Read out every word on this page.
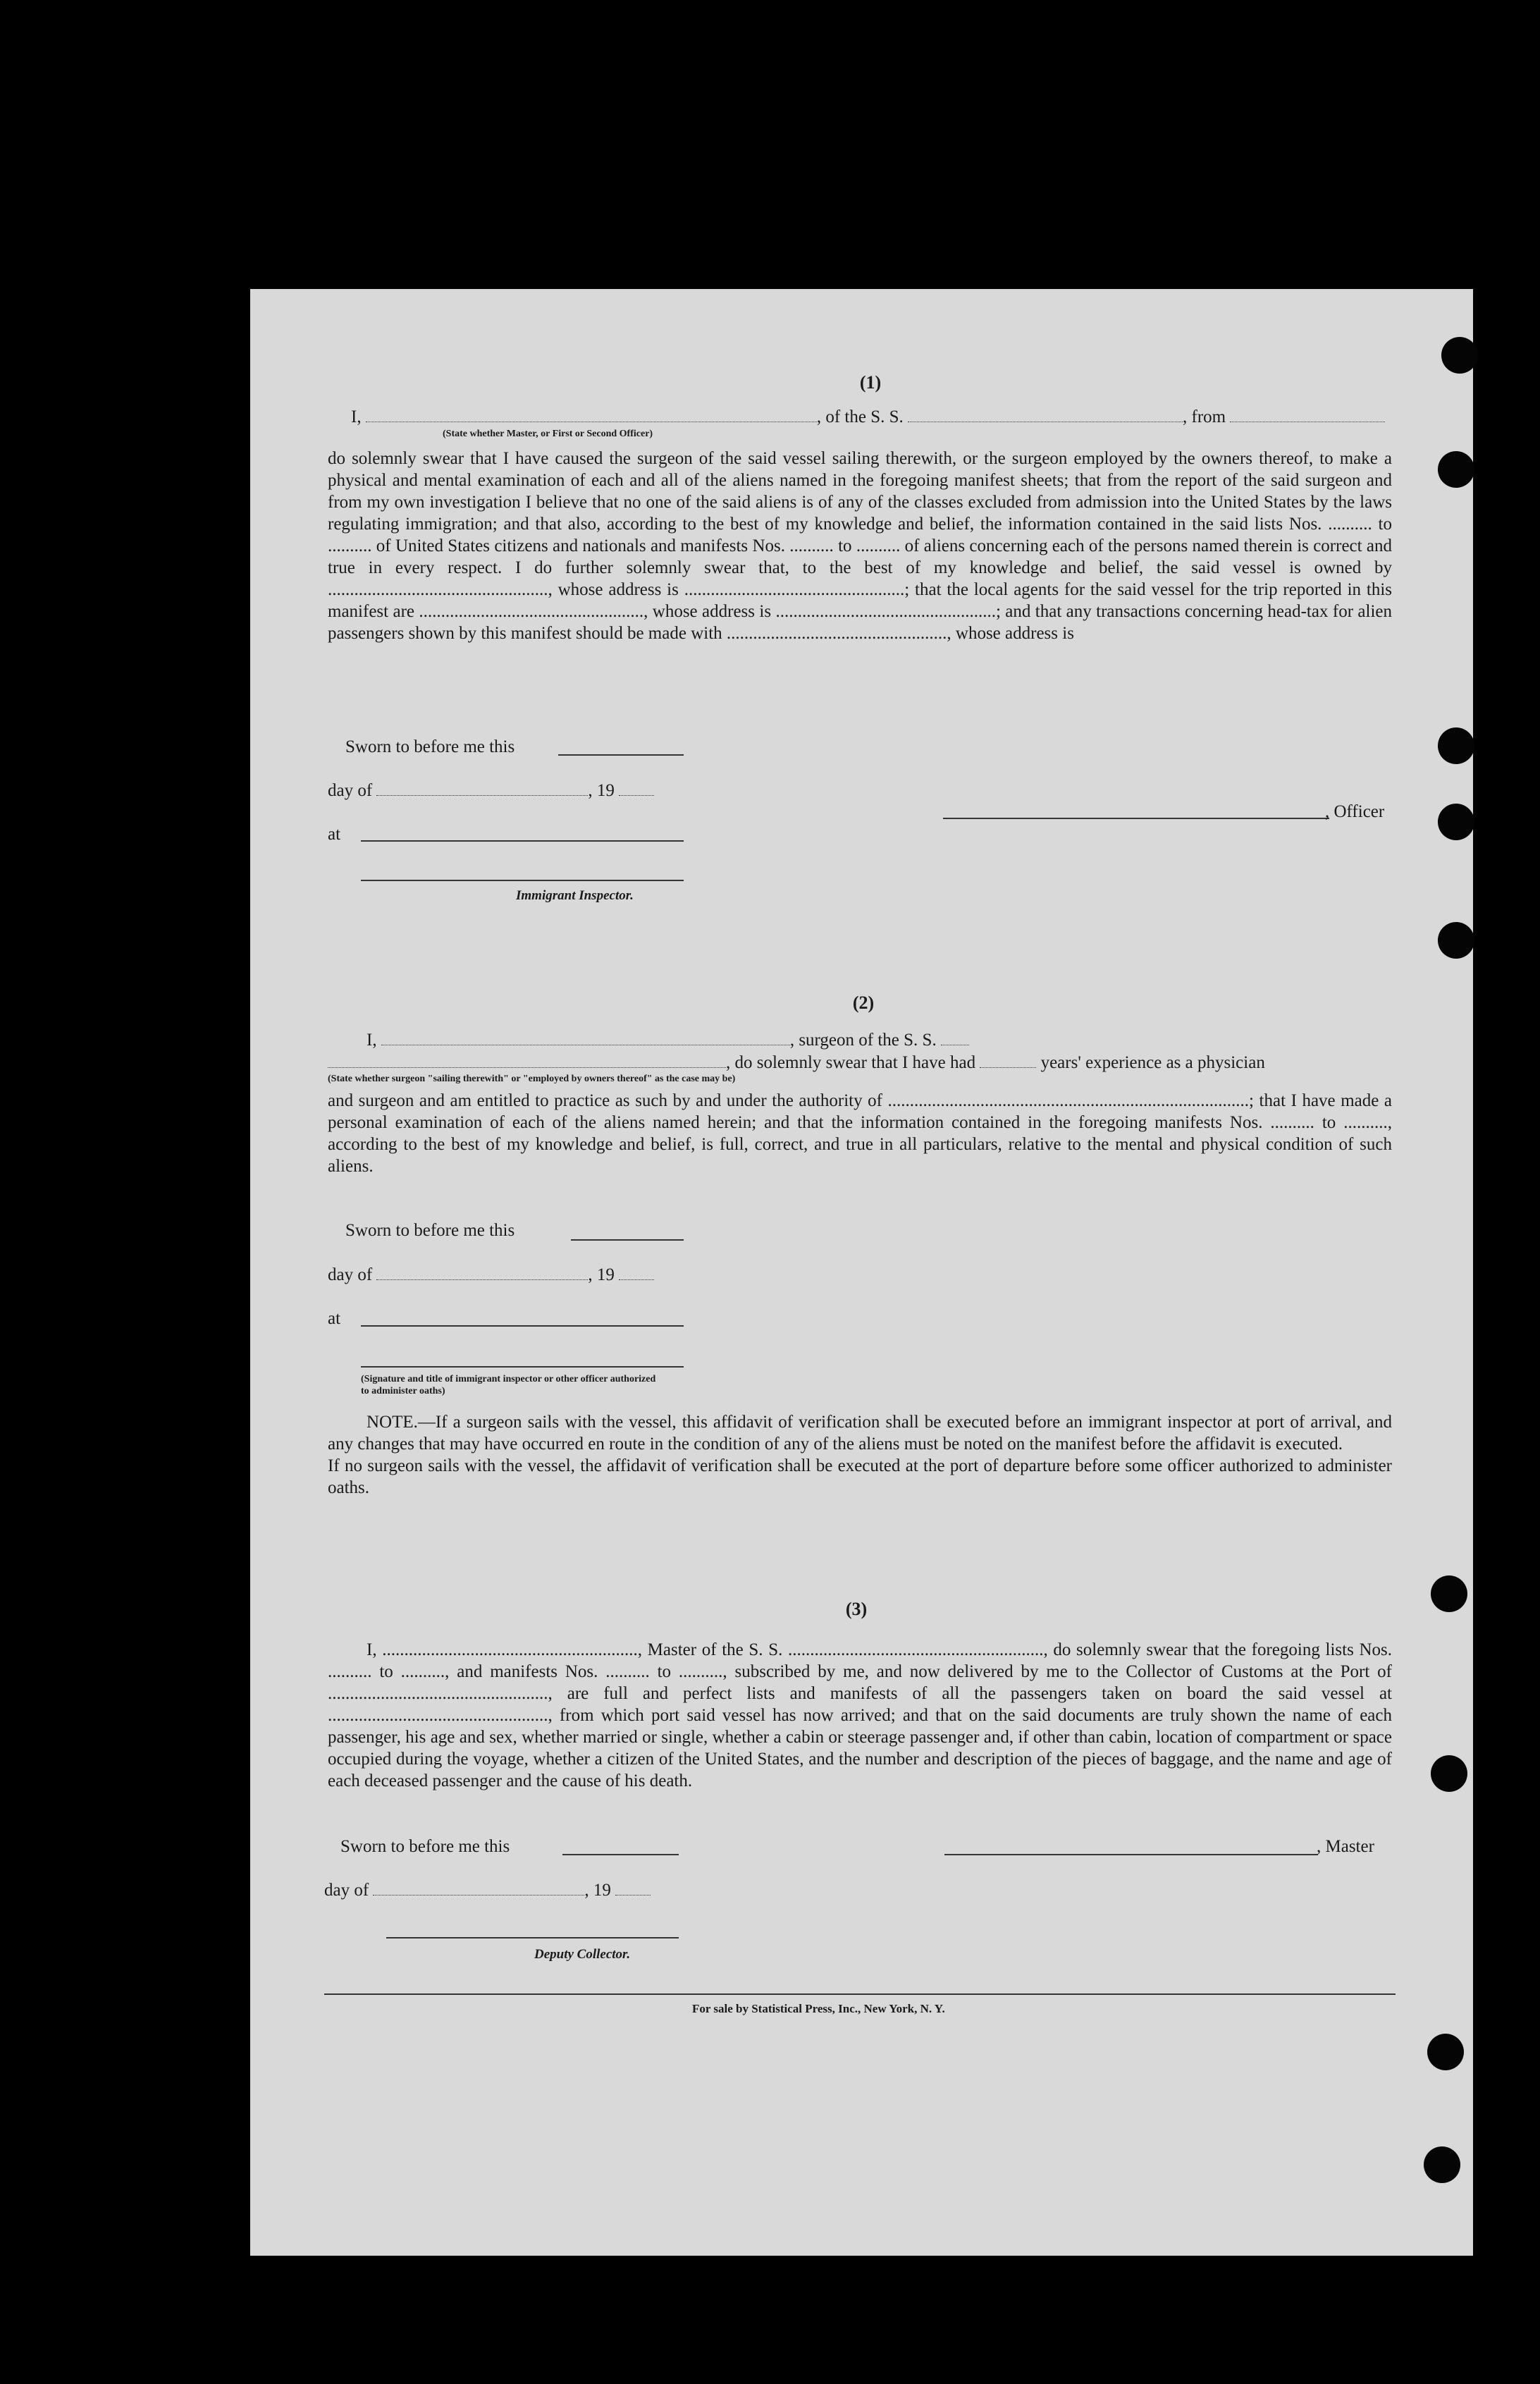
(1)
I,	, of the S. S.	, from
(State whether Master, or First or Second Officer)
do solemnly swear that I have caused the surgeon of the said vessel sailing therewith, or the surgeon employed by the owners thereof, to make a physical and mental examination of each and all of the aliens named in the foregoing manifest sheets; that from the report of the said surgeon and from my own investigation I believe that no one of the said aliens is of any of the classes excluded from admission into the United States by the laws regulating immigration; and that also, according to the best of my knowledge and belief, the information contained in the said lists Nos. .......... to .......... of United States citizens and nationals and manifests Nos. .......... to .......... of aliens concerning each of the persons named therein is correct and true in every respect. I do further solemnly swear that, to the best of my knowledge and belief, the said vessel is owned by .................................................., whose address is ..................................................; that the local agents for the said vessel for the trip reported in this manifest are ..................................................., whose address is ..................................................; and that any transactions concerning head-tax for alien passengers shown by this manifest should be made with .................................................., whose address is
Sworn to before me this
day of	, 19
at
Immigrant Inspector.
, Officer
(2)
I,	, surgeon of the S. S.
, do solemnly swear that I have had	years' experience as a physician
(State whether surgeon "sailing therewith" or "employed by owners thereof" as the case may be)
and surgeon and am entitled to practice as such by and under the authority of ..................................................................................; that I have made a personal examination of each of the aliens named herein; and that the information contained in the foregoing manifests Nos. .......... to .........., according to the best of my knowledge and belief, is full, correct, and true in all particulars, relative to the mental and physical condition of such aliens.
Sworn to before me this
day of	, 19
at
(Signature and title of immigrant inspector or other officer authorized to administer oaths)
NOTE.—If a surgeon sails with the vessel, this affidavit of verification shall be executed before an immigrant inspector at port of arrival, and any changes that may have occurred en route in the condition of any of the aliens must be noted on the manifest before the affidavit is executed.
If no surgeon sails with the vessel, the affidavit of verification shall be executed at the port of departure before some officer authorized to administer oaths.
(3)
I, .........................................................., Master of the S. S. .........................................................., do solemnly swear that the foregoing lists Nos. .......... to .........., and manifests Nos. .......... to .........., subscribed by me, and now delivered by me to the Collector of Customs at the Port of .................................................., are full and perfect lists and manifests of all the passengers taken on board the said vessel at .................................................., from which port said vessel has now arrived; and that on the said documents are truly shown the name of each passenger, his age and sex, whether married or single, whether a cabin or steerage passenger and, if other than cabin, location of compartment or space occupied during the voyage, whether a citizen of the United States, and the number and description of the pieces of baggage, and the name and age of each deceased passenger and the cause of his death.
Sworn to before me this	, Master
day of	, 19
Deputy Collector.
For sale by Statistical Press, Inc., New York, N. Y.
